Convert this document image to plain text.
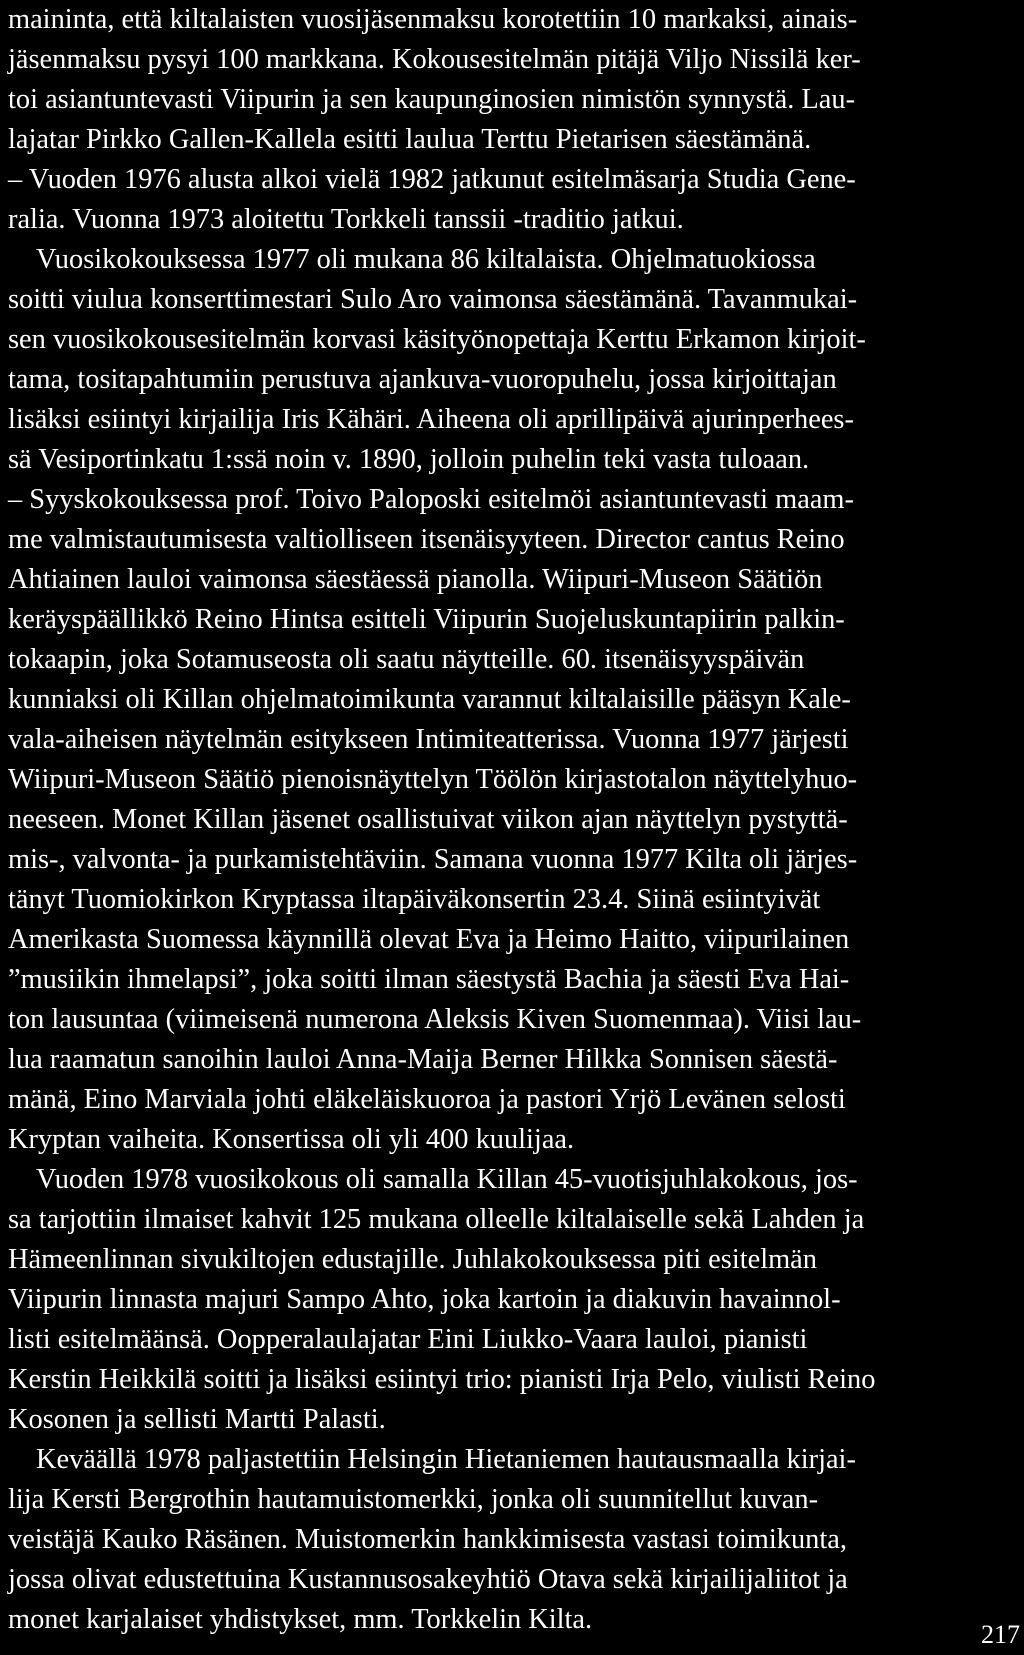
maininta, että kiltalaisten vuosijäsenmaksu korotettiin 10 markaksi, ainais-
jäsenmaksu pysyi 100 markkana. Kokousesitelmän pitäjä Viljo Nissilä ker-
toi asiantuntevasti Viipurin ja sen kaupunginosien nimistön synnystä. Lau-
lajatar Pirkko Gallen-Kallela esitti laulua Terttu Pietarisen säestämänä.
– Vuoden 1976 alusta alkoi vielä 1982 jatkunut esitelmäsarja Studia Gene-
ralia. Vuonna 1973 aloitettu Torkkeli tanssii -traditio jatkui.
Vuosikokouksessa 1977 oli mukana 86 kiltalaista. Ohjelmatuokiossa
soitti viulua konserttimestari Sulo Aro vaimonsa säestämänä. Tavanmukai-
sen vuosikokousesitelmän korvasi käsityönopettaja Kerttu Erkamon kirjoit-
tama, tositapahtumiin perustuva ajankuva-vuoropuhelu, jossa kirjoittajan
lisäksi esiintyi kirjailija Iris Kähäri. Aiheena oli aprillipäivä ajurinperhees-
sä Vesiportinkatu 1:ssä noin v. 1890, jolloin puhelin teki vasta tuloaan.
– Syyskokouksessa prof. Toivo Paloposki esitelmöi asiantuntevasti maam-
me valmistautumisesta valtiolliseen itsenäisyyteen. Director cantus Reino
Ahtiainen lauloi vaimonsa säestäessä pianolla. Wiipuri-Museon Säätiön
keräyspäällikkö Reino Hintsa esitteli Viipurin Suojeluskuntapiirin palkin-
tokaapin, joka Sotamuseosta oli saatu näytteille. 60. itsenäisyyspäivän
kunniaksi oli Killan ohjelmatoimikunta varannut kiltalaisille pääsyn Kale-
vala-aiheisen näytelmän esitykseen Intimiteatterissa. Vuonna 1977 järjesti
Wiipuri-Museon Säätiö pienoisnäyttelyn Töölön kirjastotalon näyttelyhuo-
neeseen. Monet Killan jäsenet osallistuivat viikon ajan näyttelyn pystyttä-
mis-, valvonta- ja purkamistehtäviin. Samana vuonna 1977 Kilta oli järjes-
tänyt Tuomiokirkon Kryptassa iltapäiväkonsertin 23.4. Siinä esiintyivät
Amerikasta Suomessa käynnillä olevat Eva ja Heimo Haitto, viipurilainen
”musiikin ihmelapsi”, joka soitti ilman säestystä Bachia ja säesti Eva Hai-
ton lausuntaa (viimeisenä numerona Aleksis Kiven Suomenmaa). Viisi lau-
lua raamatun sanoihin lauloi Anna-Maija Berner Hilkka Sonnisen säestä-
mänä, Eino Marviala johti eläkeläiskuoroa ja pastori Yrjö Levänen selosti
Kryptan vaiheita. Konsertissa oli yli 400 kuulijaa.
Vuoden 1978 vuosikokous oli samalla Killan 45-vuotisjuhlakokous, jos-
sa tarjottiin ilmaiset kahvit 125 mukana olleelle kiltalaiselle sekä Lahden ja
Hämeenlinnan sivukiltojen edustajille. Juhlakokouksessa piti esitelmän
Viipurin linnasta majuri Sampo Ahto, joka kartoin ja diakuvin havainnol-
listi esitelmäänsä. Oopperalaulajatar Eini Liukko-Vaara lauloi, pianisti
Kerstin Heikkilä soitti ja lisäksi esiintyi trio: pianisti Irja Pelo, viulisti Reino
Kosonen ja sellisti Martti Palasti.
Keväällä 1978 paljastettiin Helsingin Hietaniemen hautausmaalla kirjai-
lija Kersti Bergrothin hautamuistomerkki, jonka oli suunnitellut kuvan-
veistäjä Kauko Räsänen. Muistomerkin hankkimisesta vastasi toimikunta,
jossa olivat edustettuina Kustannusosakeyhtiö Otava sekä kirjailijaliitot ja
monet karjalaiset yhdistykset, mm. Torkkelin Kilta.	217
